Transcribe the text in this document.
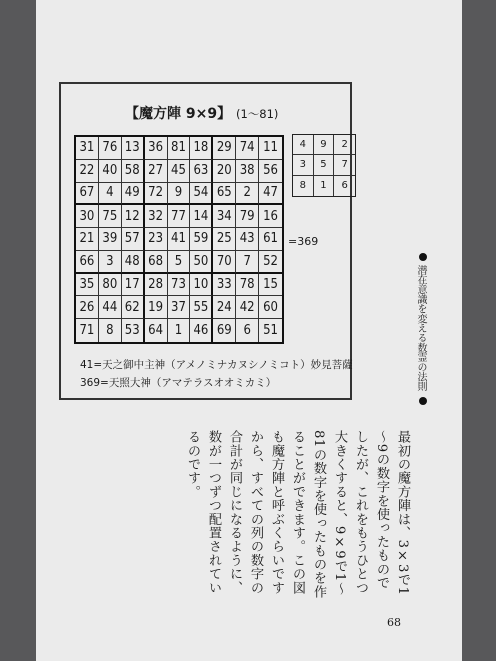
【魔方陣 9×9】 (1～81)
31 76 13 36 81 18 29 74 11
22 40 58 27 45 63 20 38 56
67 4 49 72 9 54 65 2 47
30 75 12 32 77 14 34 79 16
21 39 57 23 41 59 25 43 61
66 3 48 68 5 50 70 7 52
35 80 17 28 73 10 33 78 15
26 44 62 19 37 55 24 42 60
71 8 53 64 1 46 69 6 51
4	9	2
3	5	7
8	1	6
=369
41=天之御中主神（アメノミナカヌシノミコト）妙見菩薩
369=天照大神（アマテラスオオミカミ）

最初の魔方陣は、3×3で1～9の数字を使ったものでしたが、これをもうひとつ大きくすると、9×9で1～81の数字を使ったものを作ることができます。この図も魔方陣と呼ぶくらいですから、すべての列の数字の合計が同じになるように、数が一つずつ配置されているのです。

潜在意識を変える数霊の法則
68
